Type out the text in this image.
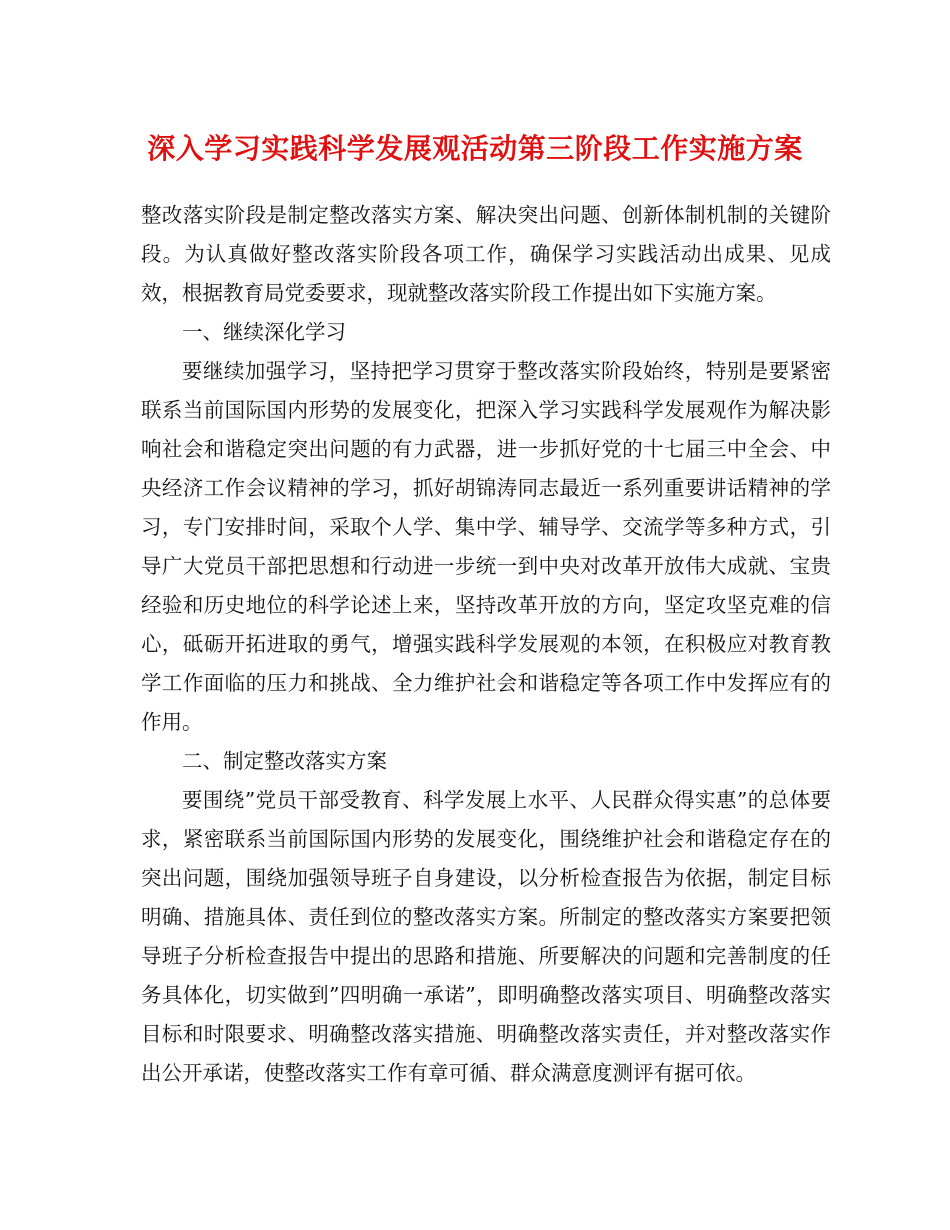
深入学习实践科学发展观活动第三阶段工作实施方案

整改落实阶段是制定整改落实方案、解决突出问题、创新体制机制的关键阶段。为认真做好整改落实阶段各项工作，确保学习实践活动出成果、见成效，根据教育局党委要求，现就整改落实阶段工作提出如下实施方案。

一、继续深化学习

要继续加强学习，坚持把学习贯穿于整改落实阶段始终，特别是要紧密联系当前国际国内形势的发展变化，把深入学习实践科学发展观作为解决影响社会和谐稳定突出问题的有力武器，进一步抓好党的十七届三中全会、中央经济工作会议精神的学习，抓好胡锦涛同志最近一系列重要讲话精神的学习，专门安排时间，采取个人学、集中学、辅导学、交流学等多种方式，引导广大党员干部把思想和行动进一步统一到中央对改革开放伟大成就、宝贵经验和历史地位的科学论述上来，坚持改革开放的方向，坚定攻坚克难的信心，砥砺开拓进取的勇气，增强实践科学发展观的本领，在积极应对教育教学工作面临的压力和挑战、全力维护社会和谐稳定等各项工作中发挥应有的作用。

二、制定整改落实方案

要围绕”党员干部受教育、科学发展上水平、人民群众得实惠”的总体要求，紧密联系当前国际国内形势的发展变化，围绕维护社会和谐稳定存在的突出问题，围绕加强领导班子自身建设，以分析检查报告为依据，制定目标明确、措施具体、责任到位的整改落实方案。所制定的整改落实方案要把领导班子分析检查报告中提出的思路和措施、所要解决的问题和完善制度的任务具体化，切实做到”四明确一承诺”，即明确整改落实项目、明确整改落实目标和时限要求、明确整改落实措施、明确整改落实责任，并对整改落实作出公开承诺，使整改落实工作有章可循、群众满意度测评有据可依。
